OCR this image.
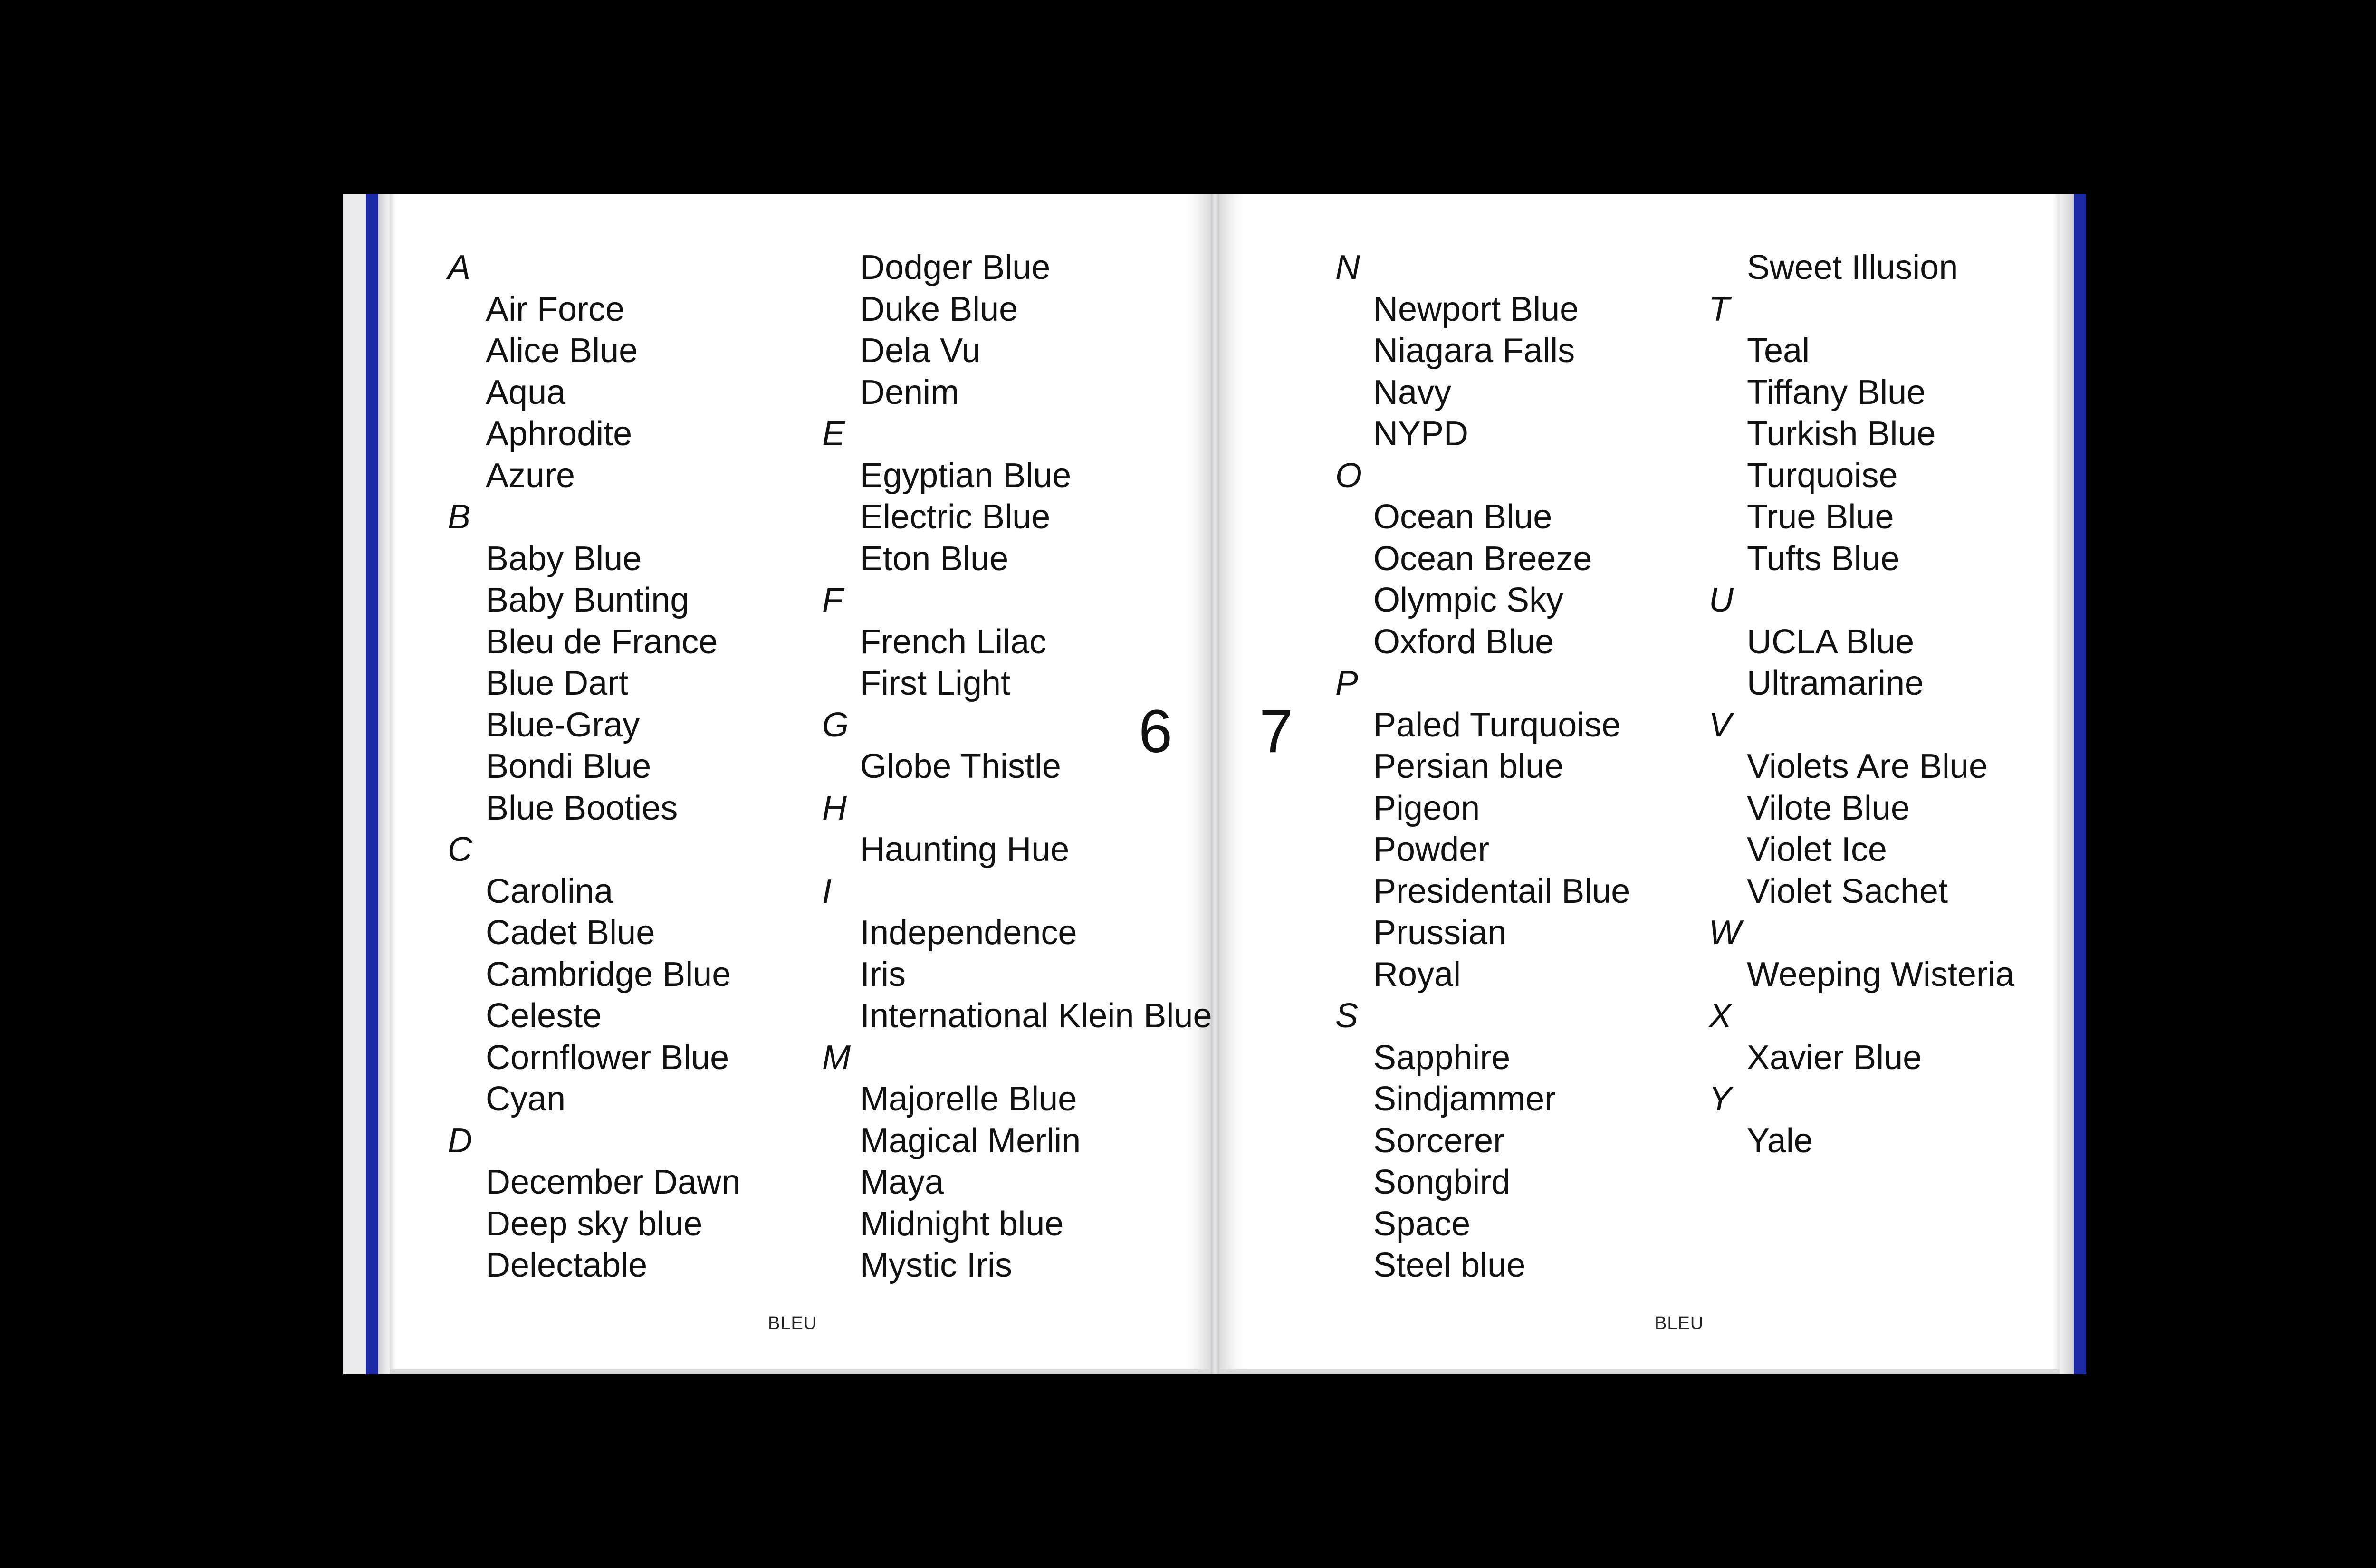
A
Air Force
Alice Blue
Aqua
Aphrodite
Azure
B
Baby Blue
Baby Bunting
Bleu de France
Blue Dart
Blue-Gray
Bondi Blue
Blue Booties
C
Carolina
Cadet Blue
Cambridge Blue
Celeste
Cornflower Blue
Cyan
D
December Dawn
Deep sky blue
Delectable
Dodger Blue
Duke Blue
Dela Vu
Denim
E
Egyptian Blue
Electric Blue
Eton Blue
F
French Lilac
First Light
G
Globe Thistle
H
Haunting Hue
I
Independence
Iris
International Klein Blue
M
Majorelle Blue
Magical Merlin
Maya
Midnight blue
Mystic Iris
N
Newport Blue
Niagara Falls
Navy
NYPD
O
Ocean Blue
Ocean Breeze
Olympic Sky
Oxford Blue
P
Paled Turquoise
Persian blue
Pigeon
Powder
Presidentail Blue
Prussian
Royal
S
Sapphire
Sindjammer
Sorcerer
Songbird
Space
Steel blue
Sweet Illusion
T
Teal
Tiffany Blue
Turkish Blue
Turquoise
True Blue
Tufts Blue
U
UCLA Blue
Ultramarine
V
Violets Are Blue
Vilote Blue
Violet Ice
Violet Sachet
W
Weeping Wisteria
X
Xavier Blue
Y
Yale
6 7
BLEU	BLEU
